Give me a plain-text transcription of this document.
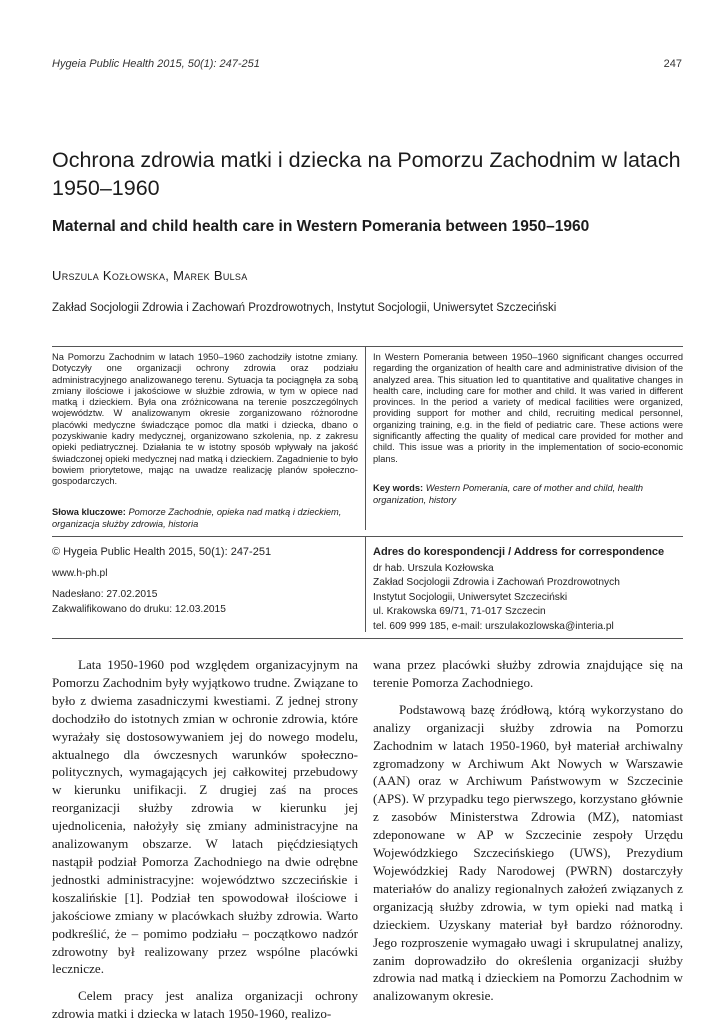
Hygeia Public Health 2015, 50(1): 247-251	247
Ochrona zdrowia matki i dziecka na Pomorzu Zachodnim w latach 1950–1960
Maternal and child health care in Western Pomerania between 1950–1960
Urszula Kozłowska, Marek Bulsa
Zakład Socjologii Zdrowia i Zachowań Prozdrowotnych, Instytut Socjologii, Uniwersytet Szczeciński

Na Pomorzu Zachodnim w latach 1950–1960 zachodziły istotne zmiany. Dotyczyły one organizacji ochrony zdrowia oraz podziału administracyjnego analizowanego terenu. Sytuacja ta pociągnęła za sobą zmiany ilościowe i jakościowe w służbie zdrowia, w tym w opiece nad matką i dzieckiem. Była ona zróżnicowana na terenie poszczególnych województw. W analizowanym okresie zorganizowano różnorodne placówki medyczne świadczące pomoc dla matki i dziecka, dbano o pozyskiwanie kadry medycznej, organizowano szkolenia, np. z zakresu opieki pediatrycznej. Działania te w istotny sposób wpływały na jakość świadczonej opieki medycznej nad matką i dzieckiem. Zagadnienie to było bowiem priorytetowe, mając na uwadze realizację planów społeczno-gospodarczych.

Słowa kluczowe: Pomorze Zachodnie, opieka nad matką i dzieckiem, organizacja służby zdrowia, historia

In Western Pomerania between 1950–1960 significant changes occurred regarding the organization of health care and administrative division of the analyzed area. This situation led to quantitative and qualitative changes in health care, including care for mother and child. It was varied in different provinces. In the period a variety of medical facilities were organized, providing support for mother and child, recruiting medical personnel, organizing training, e.g. in the field of pediatric care. These actions were significantly affecting the quality of medical care provided for mother and child. This issue was a priority in the implementation of socio-economic plans.

Key words: Western Pomerania, care of mother and child, health organization, history
© Hygeia Public Health 2015, 50(1): 247-251
www.h-ph.pl
Nadesłano: 27.02.2015
Zakwalifikowano do druku: 12.03.2015
Adres do korespondencji / Address for correspondence
dr hab. Urszula Kozłowska
Zakład Socjologii Zdrowia i Zachowań Prozdrowotnych
Instytut Socjologii, Uniwersytet Szczeciński
ul. Krakowska 69/71, 71-017 Szczecin
tel. 609 999 185, e-mail: urszulakozlowska@interia.pl

Lata 1950-1960 pod względem organizacyjnym na Pomorzu Zachodnim były wyjątkowo trudne. Związane to było z dwiema zasadniczymi kwestiami. Z jednej strony dochodziło do istotnych zmian w ochronie zdrowia, które wyrażały się dostosowywaniem jej do nowego modelu, aktualnego dla ówczesnych warunków społeczno-politycznych, wymagających jej całkowitej przebudowy w kierunku unifikacji. Z drugiej zaś na proces reorganizacji służby zdrowia w kierunku jej ujednolicenia, nałożyły się zmiany administracyjne na analizowanym obszarze. W latach pięćdziesiątych nastąpił podział Pomorza Zachodniego na dwie odrębne jednostki administracyjne: województwo szczecińskie i koszalińskie [1]. Podział ten spowodował ilościowe i jakościowe zmiany w placówkach służby zdrowia. Warto podkreślić, że – pomimo podziału – początkowo nadzór zdrowotny był realizowany przez wspólne placówki lecznicze.

Celem pracy jest analiza organizacji ochrony zdrowia matki i dziecka w latach 1950-1960, realizo-

wana przez placówki służby zdrowia znajdujące się na terenie Pomorza Zachodniego.

Podstawową bazę źródłową, którą wykorzystano do analizy organizacji służby zdrowia na Pomorzu Zachodnim w latach 1950-1960, był materiał archiwalny zgromadzony w Archiwum Akt Nowych w Warszawie (AAN) oraz w Archiwum Państwowym w Szczecinie (APS). W przypadku tego pierwszego, korzystano głównie z zasobów Ministerstwa Zdrowia (MZ), natomiast zdeponowane w AP w Szczecinie zespoły Urzędu Wojewódzkiego Szczecińskiego (UWS), Prezydium Wojewódzkiej Rady Narodowej (PWRN) dostarczyły materiałów do analizy regionalnych założeń związanych z organizacją służby zdrowia, w tym opieki nad matką i dzieckiem. Uzyskany materiał był bardzo różnorodny. Jego rozproszenie wymagało uwagi i skrupulatnej analizy, zanim doprowadziło do określenia organizacji służby zdrowia nad matką i dzieckiem na Pomorzu Zachodnim w analizowanym okresie.
